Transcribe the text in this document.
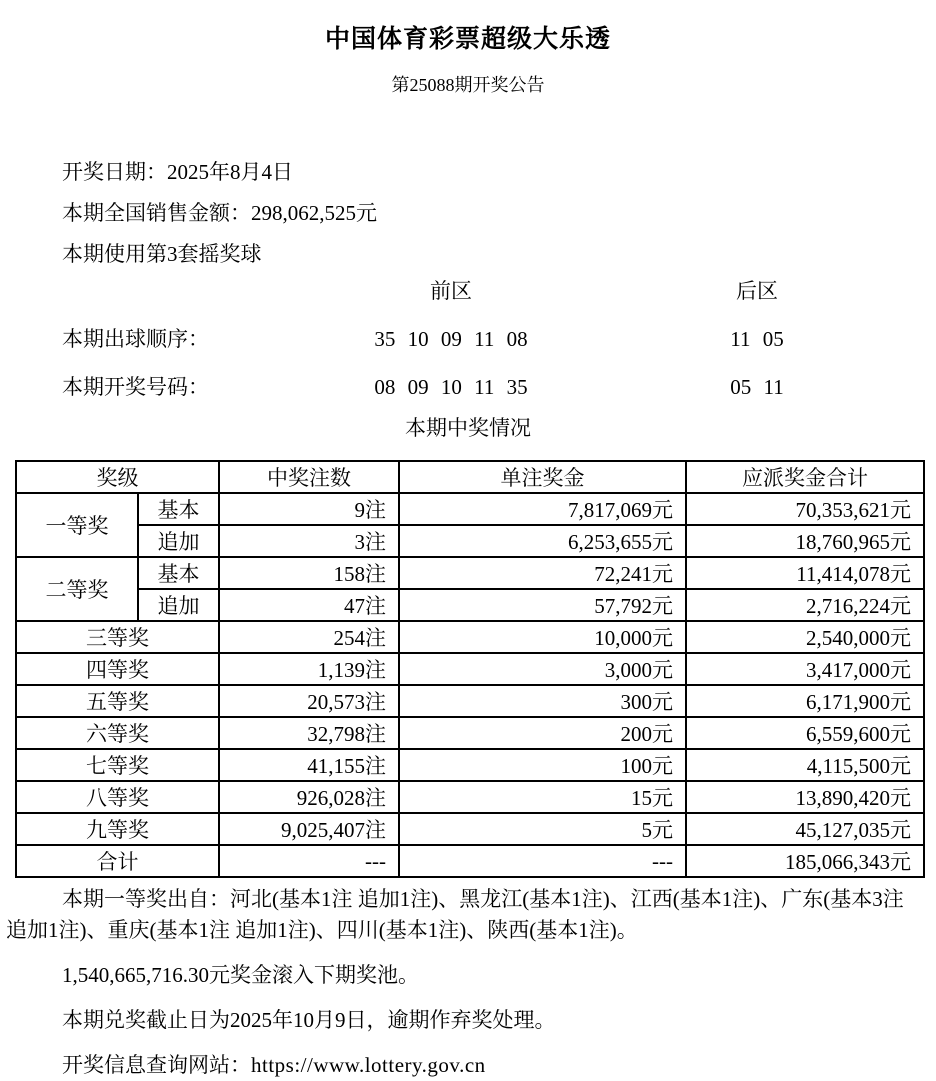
中国体育彩票超级大乐透
第25088期开奖公告
开奖日期：2025年8月4日
本期全国销售金额：298,062,525元
本期使用第3套摇奖球
前区	后区
本期出球顺序：	35 10 09 11 08	11 05
本期开奖号码：	08 09 10 11 35	05 11
本期中奖情况
奖级		中奖注数	单注奖金	应派奖金合计
一等奖	基本	9注	7,817,069元	70,353,621元
	追加	3注	6,253,655元	18,760,965元
二等奖	基本	158注	72,241元	11,414,078元
	追加	47注	57,792元	2,716,224元
三等奖		254注	10,000元	2,540,000元
四等奖		1,139注	3,000元	3,417,000元
五等奖		20,573注	300元	6,171,900元
六等奖		32,798注	200元	6,559,600元
七等奖		41,155注	100元	4,115,500元
八等奖		926,028注	15元	13,890,420元
九等奖		9,025,407注	5元	45,127,035元
合计		---	---	185,066,343元

本期一等奖出自：河北(基本1注 追加1注)、黑龙江(基本1注)、江西(基本1注)、广东(基本3注 追加1注)、重庆(基本1注 追加1注)、四川(基本1注)、陕西(基本1注)。

1,540,665,716.30元奖金滚入下期奖池。

本期兑奖截止日为2025年10月9日，逾期作弃奖处理。

开奖信息查询网站：https://www.lottery.gov.cn
